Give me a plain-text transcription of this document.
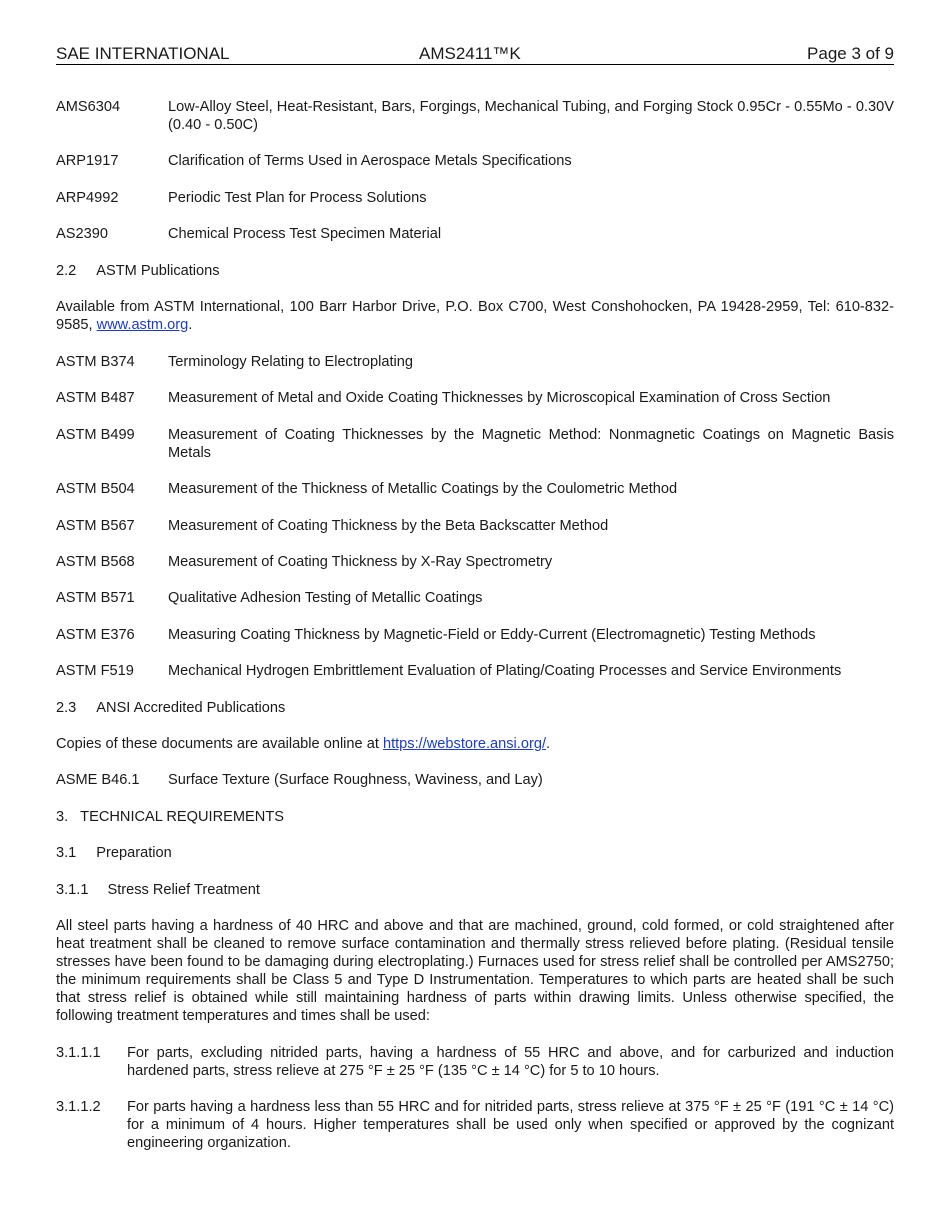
SAE INTERNATIONAL	AMS2411™K	Page 3 of 9
AMS6304	Low-Alloy Steel, Heat-Resistant, Bars, Forgings, Mechanical Tubing, and Forging Stock 0.95Cr - 0.55Mo - 0.30V (0.40 - 0.50C)
ARP1917	Clarification of Terms Used in Aerospace Metals Specifications
ARP4992	Periodic Test Plan for Process Solutions
AS2390	Chemical Process Test Specimen Material
2.2 ASTM Publications
Available from ASTM International, 100 Barr Harbor Drive, P.O. Box C700, West Conshohocken, PA 19428-2959, Tel: 610-832-9585, www.astm.org.
ASTM B374	Terminology Relating to Electroplating
ASTM B487	Measurement of Metal and Oxide Coating Thicknesses by Microscopical Examination of Cross Section
ASTM B499	Measurement of Coating Thicknesses by the Magnetic Method: Nonmagnetic Coatings on Magnetic Basis Metals
ASTM B504	Measurement of the Thickness of Metallic Coatings by the Coulometric Method
ASTM B567	Measurement of Coating Thickness by the Beta Backscatter Method
ASTM B568	Measurement of Coating Thickness by X-Ray Spectrometry
ASTM B571	Qualitative Adhesion Testing of Metallic Coatings
ASTM E376	Measuring Coating Thickness by Magnetic-Field or Eddy-Current (Electromagnetic) Testing Methods
ASTM F519	Mechanical Hydrogen Embrittlement Evaluation of Plating/Coating Processes and Service Environments
2.3 ANSI Accredited Publications
Copies of these documents are available online at https://webstore.ansi.org/.
ASME B46.1	Surface Texture (Surface Roughness, Waviness, and Lay)
3. TECHNICAL REQUIREMENTS
3.1 Preparation
3.1.1 Stress Relief Treatment
All steel parts having a hardness of 40 HRC and above and that are machined, ground, cold formed, or cold straightened after heat treatment shall be cleaned to remove surface contamination and thermally stress relieved before plating. (Residual tensile stresses have been found to be damaging during electroplating.) Furnaces used for stress relief shall be controlled per AMS2750; the minimum requirements shall be Class 5 and Type D Instrumentation. Temperatures to which parts are heated shall be such that stress relief is obtained while still maintaining hardness of parts within drawing limits. Unless otherwise specified, the following treatment temperatures and times shall be used:
3.1.1.1 For parts, excluding nitrided parts, having a hardness of 55 HRC and above, and for carburized and induction hardened parts, stress relieve at 275 °F ± 25 °F (135 °C ± 14 °C) for 5 to 10 hours.
3.1.1.2 For parts having a hardness less than 55 HRC and for nitrided parts, stress relieve at 375 °F ± 25 °F (191 °C ± 14 °C) for a minimum of 4 hours. Higher temperatures shall be used only when specified or approved by the cognizant engineering organization.
